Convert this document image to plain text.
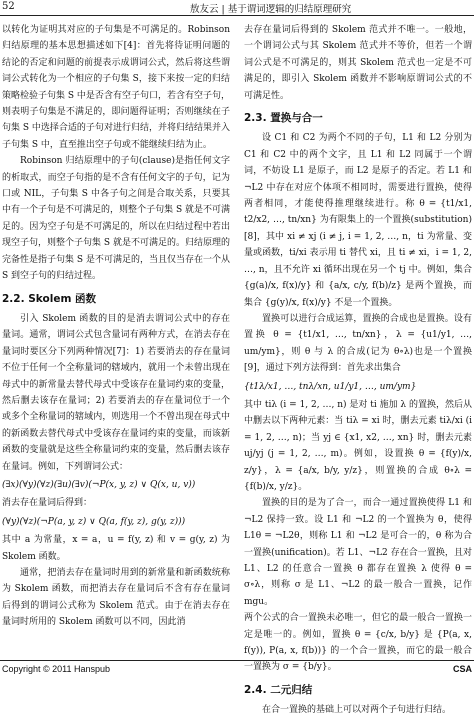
52	敖友云 | 基于谓词逻辑的归结原理研究

以转化为证明其对应的子句集是不可满足的。Robinson 归结原理的基本思想描述如下[4]：首先将待证明问题的结论的否定和问题的前提表示成谓词公式，然后将这些谓词公式转化为一个相应的子句集 S，接下来按一定的归结策略检验子句集 S 中是否含有空子句口，若含有空子句，则表明子句集是不满足的，即问题得证明；否则继续在子句集 S 中选择合适的子句对进行归结，并将归结结果并入子句集 S 中，直至推出空子句或不能继续归结为止。

Robinson 归结原理中的子句(clause)是指任何文字的析取式，而空子句指的是不含有任何文字的子句，记为口或 NIL，子句集 S 中各子句之间是合取关系，只要其中有一个子句是不可满足的，则整个子句集 S 就是不可满足的。因为空子句是不可满足的，所以在归结过程中若出现空子句，则整个子句集 S 就是不可满足的。归结原理的完备性是指子句集 S 是不可满足的，当且仅当存在一个从 S 到空子句的归结过程。

2.2. Skolem 函数

引入 Skolem 函数的目的是消去谓词公式中的存在量词。通常，谓词公式包含量词有两种方式，在消去存在量词时要区分下列两种情况[7]：1) 若要消去的存在量词不位于任何一个全称量词的辖域内，就用一个未曾出现在母式中的新常量去替代母式中受该存在量词约束的变量，然后删去该存在量词；2) 若要消去的存在量词位于一个或多个全称量词的辖域内，则选用一个不曾出现在母式中的新函数去替代母式中受该存在量词约束的变量，而该新函数的变量就是这些全称量词约束的变量，然后删去该存在量词。例如，下列谓词公式：

(∃x)(∀y)(∀z)(∃u)(∃v)(¬P(x, y, z) ∨ Q(x, u, v))

消去存在量词后得到：

(∀y)(∀z)(¬P(a, y, z) ∨ Q(a, f(y, z), g(y, z)))

其中 a 为常量，x = a，u = f(y, z) 和 v = g(y, z) 为 Skolem 函数。

通常，把消去存在量词时用到的新常量和新函数统称为 Skolem 函数，而把消去存在量词后不含有存在量词后得到的谓词公式称为 Skolem 范式。由于在消去存在量词时所用的 Skolem 函数可以不同，因此消

去存在量词后得到的 Skolem 范式并不唯一。一般地，一个谓词公式与其 Skolem 范式并不等价，但若一个谓词公式是不可满足的，则其 Skolem 范式也一定是不可满足的，即引入 Skolem 函数并不影响原谓词公式的不可满足性。

2.3. 置换与合一

设 C1 和 C2 为两个不同的子句，L1 和 L2 分别为 C1 和 C2 中的两个文字，且 L1 和 L2 同属于一个谓词，不妨设 L1 是原子，而 L2 是原子的否定。若 L1 和 ¬L2 中存在对应个体项不相同时，需要进行置换，使得两者相同，才能使得推理继续进行。称 θ = {t1/x1, t2/x2, …, tn/xn} 为有限集上的一个置换(substitution)[8]，其中 xi ≠ xj (i ≠ j, i = 1, 2, …, n，ti 为常量、变量或函数，ti/xi 表示用 ti 替代 xi，且 ti ≠ xi，i = 1, 2, …, n，且不允许 xi 循环出现在另一个 tj 中。例如，集合 {g(a)/x, f(x)/y} 和 {a/x, c/y, f(b)/z} 是两个置换，而集合 {g(y)/x, f(x)/y} 不是一个置换。

置换可以进行合成运算，置换的合成也是置换。设有置换 θ = {t1/x1, …, tn/xn}，λ = {u1/y1, …, um/ym}，则 θ 与 λ 的合成(记为 θ∘λ)也是一个置换[9]，通过下列方法得到：首先求出集合

{t1λ/x1, …, tnλ/xn, u1/y1, …, um/ym}

其中 tiλ (i = 1, 2, …, n) 是对 ti 施加 λ 的置换，然后从中删去以下两种元素：当 tiλ = xi 时，删去元素 tiλ/xi (i = 1, 2, …, n)；当 yj ∈ {x1, x2, …, xn} 时，删去元素 uj/yj (j = 1, 2, …, m)。例如，设置换 θ = {f(y)/x, z/y}，λ = {a/x, b/y, y/z}，则置换的合成 θ∘λ = {f(b)/x, y/z}。

置换的目的是为了合一，而合一通过置换使得 L1 和 ¬L2 保持一致。设 L1 和 ¬L2 的一个置换为 θ，使得 L1θ = ¬L2θ，则称 L1 和 ¬L2 是可合一的，θ 称为合一置换(unification)。若 L1、¬L2 存在合一置换，且对 L1、L2 的任意合一置换 θ 都存在置换 λ 使得 θ = σ∘λ，则称 σ 是 L1、¬L2 的最一般合一置换，记作 mgu。

两个公式的合一置换未必唯一，但它的最一般合一置换一定是唯一的。例如，置换 θ = {c/x, b/y} 是 {P(a, x, f(y)), P(a, x, f(b))} 的一个合一置换，而它的最一般合一置换为 σ = {b/y}。

2.4. 二元归结

在合一置换的基础上可以对两个子句进行归结。

Copyright © 2011 Hanspub	CSA
